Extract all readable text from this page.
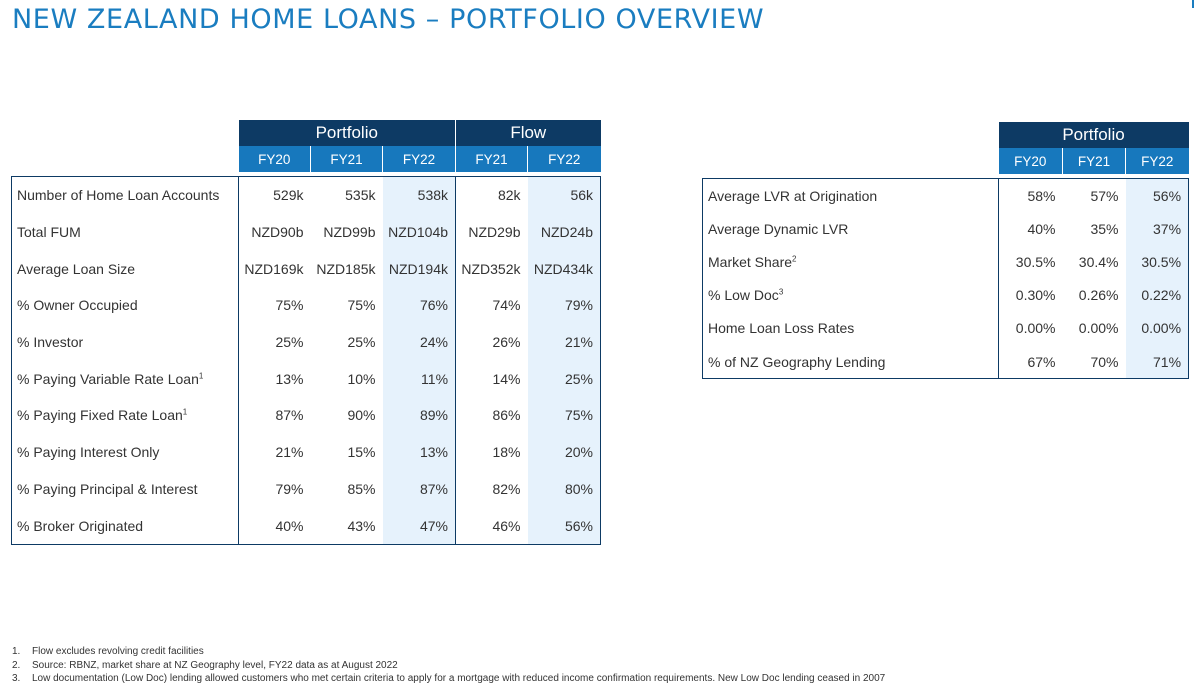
NEW ZEALAND HOME LOANS – PORTFOLIO OVERVIEW
	Portfolio			Flow	
	FY20	FY21	FY22	FY21	FY22

Number of Home Loan Accounts	529k	535k	538k	82k	56k
Total FUM	NZD90b	NZD99b	NZD104b	NZD29b	NZD24b
Average Loan Size	NZD169k	NZD185k	NZD194k	NZD352k	NZD434k
% Owner Occupied	75%	75%	76%	74%	79%
% Investor	25%	25%	24%	26%	21%
% Paying Variable Rate Loan$^1$	13%	10%	11%	14%	25%
% Paying Fixed Rate Loan$^1$	87%	90%	89%	86%	75%
% Paying Interest Only	21%	15%	13%	18%	20%
% Paying Principal & Interest	79%	85%	87%	82%	80%
% Broker Originated	40%	43%	47%	46%	56%
	Portfolio		
	FY20	FY21	FY22

Average LVR at Origination	58%	57%	56%
Average Dynamic LVR	40%	35%	37%
Market Share$^2$	30.5%	30.4%	30.5%
% Low Doc$^3$	0.30%	0.26%	0.22%
Home Loan Loss Rates	0.00%	0.00%	0.00%
% of NZ Geography Lending	67%	70%	71%
1. Flow excludes revolving credit facilities
2. Source: RBNZ, market share at NZ Geography level, FY22 data as at August 2022
3. Low documentation (Low Doc) lending allowed customers who met certain criteria to apply for a mortgage with reduced income confirmation requirements. New Low Doc lending ceased in 2007
